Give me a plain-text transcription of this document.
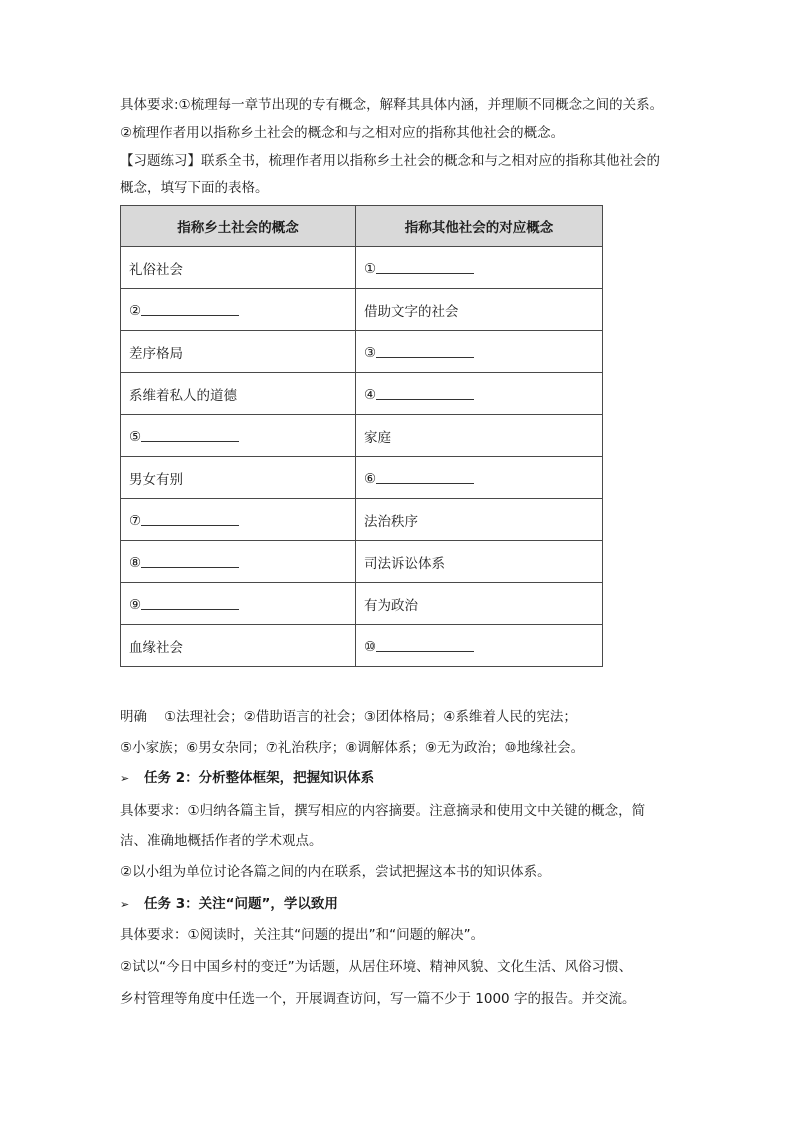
具体要求:①梳理每一章节出现的专有概念，解释其具体内涵，并理顺不同概念之间的关系。
②梳理作者用以指称乡土社会的概念和与之相对应的指称其他社会的概念。
【习题练习】联系全书，梳理作者用以指称乡土社会的概念和与之相对应的指称其他社会的
概念，填写下面的表格。
指称乡土社会的概念	指称其他社会的对应概念
礼俗社会	①
②	借助文字的社会
差序格局	③
系维着私人的道德	④
⑤	家庭
男女有别	⑥
⑦	法治秩序
⑧	司法诉讼体系
⑨	有为政治
血缘社会	⑩
明确 ①法理社会；②借助语言的社会；③团体格局；④系维着人民的宪法；
⑤小家族；⑥男女杂同；⑦礼治秩序；⑧调解体系；⑨无为政治；⑩地缘社会。
➢ 任务 2：分析整体框架，把握知识体系
具体要求：①归纳各篇主旨，撰写相应的内容摘要。注意摘录和使用文中关键的概念，简
洁、准确地概括作者的学术观点。
②以小组为单位讨论各篇之间的内在联系，尝试把握这本书的知识体系。
➢ 任务 3：关注“问题”，学以致用
具体要求：①阅读时，关注其“问题的提出”和“问题的解决”。
②试以“今日中国乡村的变迁”为话题，从居住环境、精神风貌、文化生活、风俗习惯、
乡村管理等角度中任选一个，开展调查访问，写一篇不少于 1000 字的报告。并交流。
